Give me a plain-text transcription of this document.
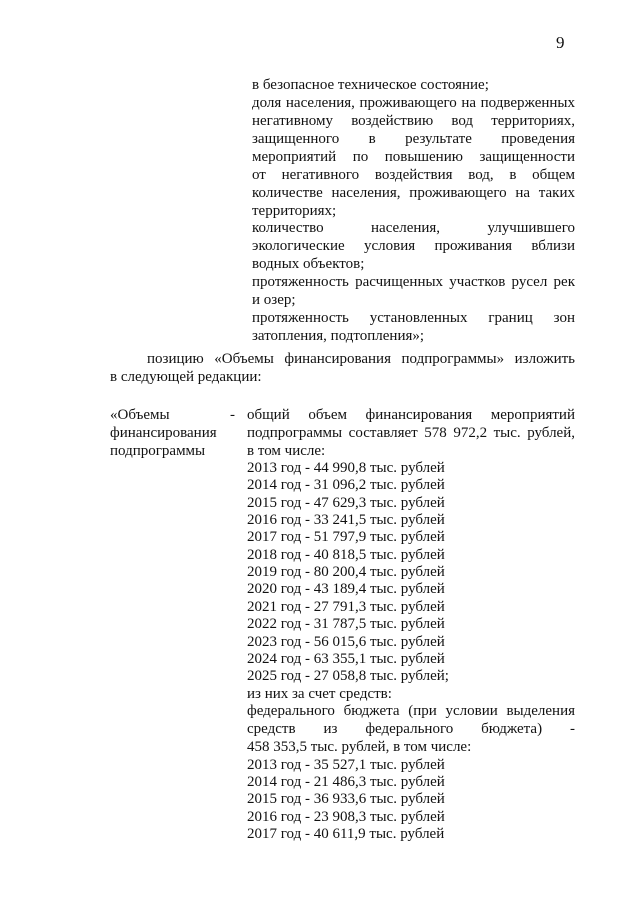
9
в безопасное техническое состояние;
доля населения, проживающего на подверженных
негативному воздействию вод территориях,
защищенного в результате проведения
мероприятий по повышению защищенности
от негативного воздействия вод, в общем
количестве населения, проживающего на таких
территориях;
количество населения, улучшившего
экологические условия проживания вблизи
водных объектов;
протяженность расчищенных участков русел рек
и озер;
протяженность установленных границ зон
затопления, подтопления»;
позицию «Объемы финансирования подпрограммы» изложить
в следующей редакции:
«Объемы	-
финансирования
подпрограммы
общий объем финансирования мероприятий
подпрограммы составляет 578 972,2 тыс. рублей,
в том числе:
2013 год - 44 990,8 тыс. рублей
2014 год - 31 096,2 тыс. рублей
2015 год - 47 629,3 тыс. рублей
2016 год - 33 241,5 тыс. рублей
2017 год - 51 797,9 тыс. рублей
2018 год - 40 818,5 тыс. рублей
2019 год - 80 200,4 тыс. рублей
2020 год - 43 189,4 тыс. рублей
2021 год - 27 791,3 тыс. рублей
2022 год - 31 787,5 тыс. рублей
2023 год - 56 015,6 тыс. рублей
2024 год - 63 355,1 тыс. рублей
2025 год - 27 058,8 тыс. рублей;
из них за счет средств:
федерального бюджета (при условии выделения
средств из федерального бюджета) -
458 353,5 тыс. рублей, в том числе:
2013 год - 35 527,1 тыс. рублей
2014 год - 21 486,3 тыс. рублей
2015 год - 36 933,6 тыс. рублей
2016 год - 23 908,3 тыс. рублей
2017 год - 40 611,9 тыс. рублей
